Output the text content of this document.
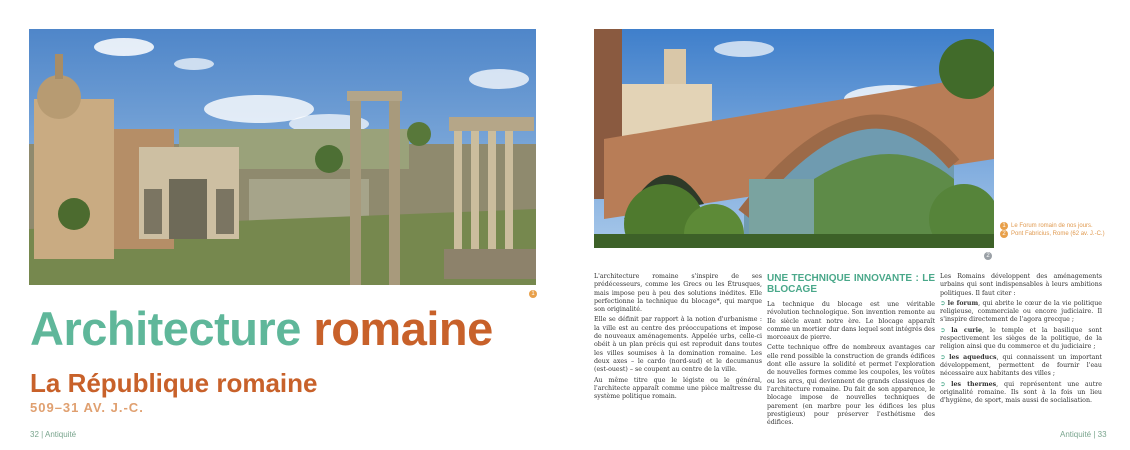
1
Architecture romaine
La République romaine
509–31 AV. J.-C.
32 | Antiquité
2
1 Le Forum romain de nos jours.
2 Pont Fabricius, Rome (62 av. J.-C.)

L'architecture romaine s'inspire de ses prédécesseurs, comme les Grecs ou les Étrusques, mais impose peu à peu des solutions inédites. Elle perfectionne la technique du blocage*, qui marque son originalité.

Elle se définit par rapport à la notion d'urbanisme : la ville est au centre des préoccupations et impose de nouveaux aménagements. Appelée urbs, celle-ci obéit à un plan précis qui est reproduit dans toutes les villes soumises à la domination romaine. Les deux axes – le cardo (nord-sud) et le decumanus (est-ouest) – se coupent au centre de la ville.

Au même titre que le légiste ou le général, l'architecte apparaît comme une pièce maîtresse du système politique romain.

UNE TECHNIQUE INNOVANTE : LE BLOCAGE

La technique du blocage est une véritable révolution technologique. Son invention remonte au IIe siècle avant notre ère. Le blocage apparaît comme un mortier dur dans lequel sont intégrés des morceaux de pierre.

Cette technique offre de nombreux avantages car elle rend possible la construction de grands édifices dont elle assure la solidité et permet l'exploration de nouvelles formes comme les coupoles, les voûtes ou les arcs, qui deviennent de grands classiques de l'architecture romaine. Du fait de son apparence, le blocage impose de nouvelles techniques de parement (en marbre pour les édifices les plus prestigieux) pour préserver l'esthétisme des édifices.

Les Romains développent des aménagements urbains qui sont indispensables à leurs ambitions politiques. Il faut citer :

➲ le forum, qui abrite le cœur de la vie politique religieuse, commerciale ou encore judiciaire. Il s'inspire directement de l'agora grecque ;

➲ la curie, le temple et la basilique sont respectivement les sièges de la politique, de la religion ainsi que du commerce et du judiciaire ;

➲ les aqueducs, qui connaissent un important développement, permettent de fournir l'eau nécessaire aux habitants des villes ;

➲ les thermes, qui représentent une autre originalité romaine. Ils sont à la fois un lieu d'hygiène, de sport, mais aussi de socialisation.

Antiquité | 33
